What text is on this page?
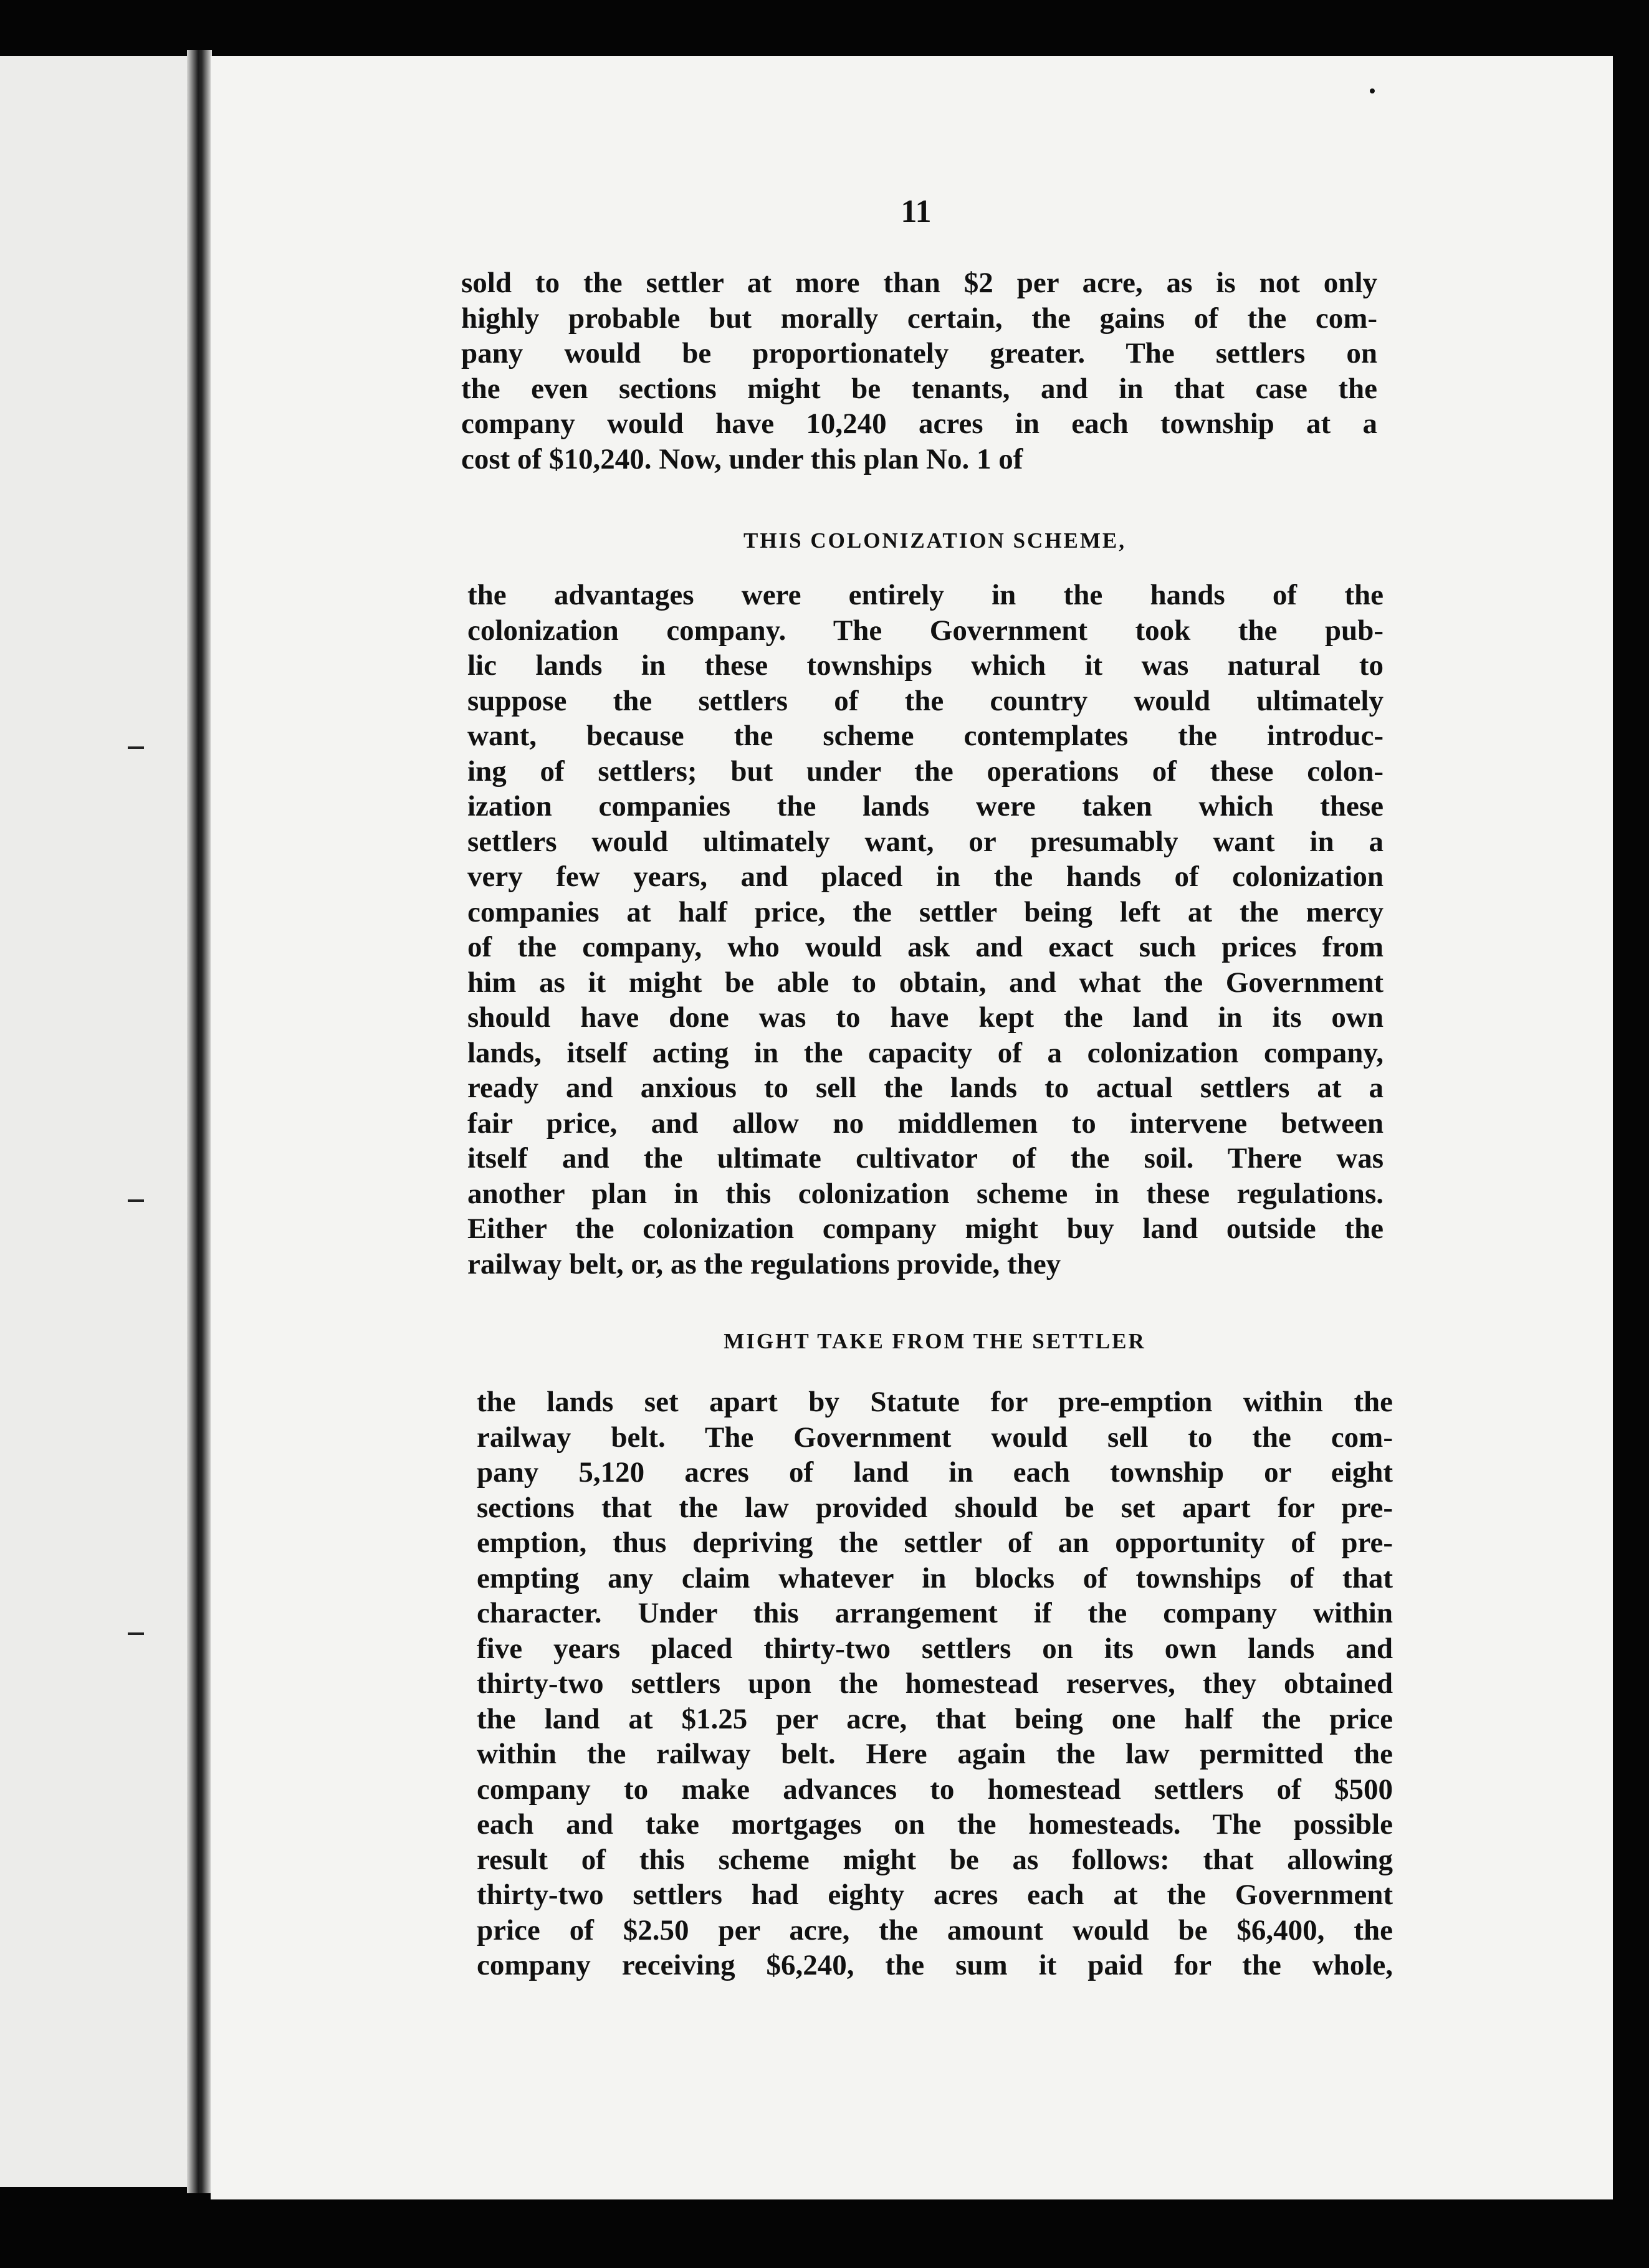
11
sold to the settler at more than $2 per acre, as is not only
highly probable but morally certain, the gains of the com-
pany would be proportionately greater. The settlers on
the even sections might be tenants, and in that case the
company would have 10,240 acres in each township at a
cost of $10,240. Now, under this plan No. 1 of
THIS COLONIZATION SCHEME,
the advantages were entirely in the hands of the
colonization company. The Government took the pub-
lic lands in these townships which it was natural to
suppose the settlers of the country would ultimately
want, because the scheme contemplates the introduc-
ing of settlers; but under the operations of these colon-
ization companies the lands were taken which these
settlers would ultimately want, or presumably want in a
very few years, and placed in the hands of colonization
companies at half price, the settler being left at the mercy
of the company, who would ask and exact such prices from
him as it might be able to obtain, and what the Government
should have done was to have kept the land in its own
lands, itself acting in the capacity of a colonization company,
ready and anxious to sell the lands to actual settlers at a
fair price, and allow no middlemen to intervene between
itself and the ultimate cultivator of the soil. There was
another plan in this colonization scheme in these regulations.
Either the colonization company might buy land outside the
railway belt, or, as the regulations provide, they
MIGHT TAKE FROM THE SETTLER
the lands set apart by Statute for pre-emption within the
railway belt. The Government would sell to the com-
pany 5,120 acres of land in each township or eight
sections that the law provided should be set apart for pre-
emption, thus depriving the settler of an opportunity of pre-
empting any claim whatever in blocks of townships of that
character. Under this arrangement if the company within
five years placed thirty-two settlers on its own lands and
thirty-two settlers upon the homestead reserves, they obtained
the land at $1.25 per acre, that being one half the price
within the railway belt. Here again the law permitted the
company to make advances to homestead settlers of $500
each and take mortgages on the homesteads. The possible
result of this scheme might be as follows: that allowing
thirty-two settlers had eighty acres each at the Government
price of $2.50 per acre, the amount would be $6,400, the
company receiving $6,240, the sum it paid for the whole,
